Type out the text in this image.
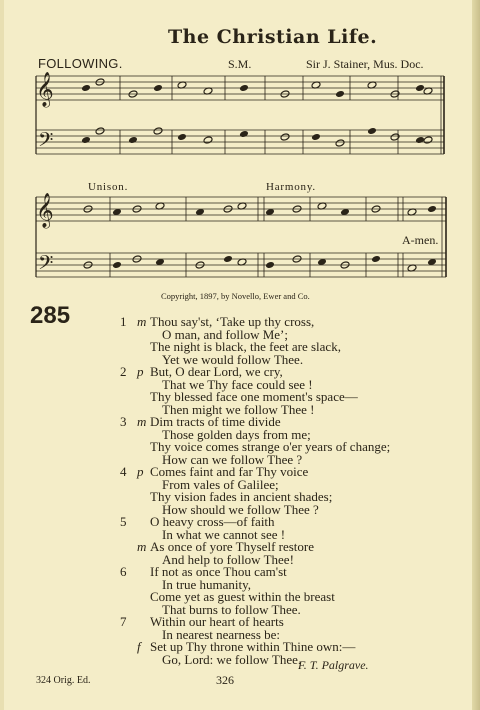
The Christian Life.
FOLLOWING.	S.M.	Sir J. Stainer, Mus. Doc.
𝄞
𝄢
𝄞
𝄢
Unison.	Harmony.
A-men.
Copyright, 1897, by Novello, Ewer and Co.
285	1 Thou say'st, ‘Take up thy cross,
m
O man, and follow Me’;
The night is black, the feet are slack,
Yet we would follow Thee.
2 But, O dear Lord, we cry,
p
That we Thy face could see !
Thy blessed face one moment's space—
Then might we follow Thee !
3 Dim tracts of time divide
m
Those golden days from me;
Thy voice comes strange o'er years of change;
How can we follow Thee ?
4 Comes faint and far Thy voice
p
From vales of Galilee;
Thy vision fades in ancient shades;
How should we follow Thee ?
5 O heavy cross—of faith
In what we cannot see !
As once of yore Thyself restore
m
And help to follow Thee!
6 If not as once Thou cam'st
In true humanity,
Come yet as guest within the breast
That burns to follow Thee.
7 Within our heart of hearts
In nearest nearness be:
Set up Thy throne within Thine own:—
f
Go, Lord: we follow Thee.
F. T. Palgrave.
324 Orig. Ed.	326
